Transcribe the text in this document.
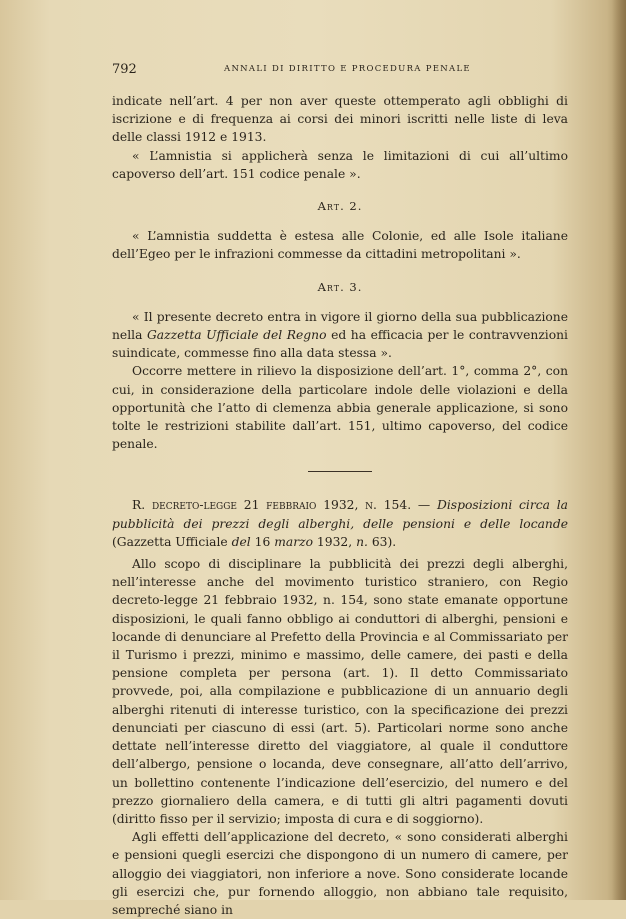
792	ANNALI DI DIRITTO E PROCEDURA PENALE

indicate nell’art. 4 per non aver queste ottemperato agli obblighi di iscrizione e di frequenza ai corsi dei minori iscritti nelle liste di leva delle classi 1912 e 1913.

« L’amnistia si applicherà senza le limitazioni di cui all’ultimo capoverso dell’art. 151 codice penale ».

Art. 2.

« L’amnistia suddetta è estesa alle Colonie, ed alle Isole italiane dell’Egeo per le infrazioni commesse da cittadini metropolitani ».

Art. 3.

« Il presente decreto entra in vigore il giorno della sua pubblicazione nella Gazzetta Ufficiale del Regno ed ha efficacia per le contravvenzioni suindicate, commesse fino alla data stessa ».

Occorre mettere in rilievo la disposizione dell’art. 1°, comma 2°, con cui, in considerazione della particolare indole delle violazioni e della opportunità che l’atto di clemenza abbia generale applicazione, si sono tolte le restrizioni stabilite dall’art. 151, ultimo capoverso, del codice penale.

R. decreto-legge 21 febbraio 1932, n. 154. — Disposizioni circa la pubblicità dei prezzi degli alberghi, delle pensioni e delle locande (Gazzetta Ufficiale del 16 marzo 1932, n. 63).

Allo scopo di disciplinare la pubblicità dei prezzi degli alberghi, nell’interesse anche del movimento turistico straniero, con Regio decreto-legge 21 febbraio 1932, n. 154, sono state emanate opportune disposizioni, le quali fanno obbligo ai conduttori di alberghi, pensioni e locande di denunciare al Prefetto della Provincia e al Commissariato per il Turismo i prezzi, minimo e massimo, delle camere, dei pasti e della pensione completa per persona (art. 1). Il detto Commissariato provvede, poi, alla compilazione e pubblicazione di un annuario degli alberghi ritenuti di interesse turistico, con la specificazione dei prezzi denunciati per ciascuno di essi (art. 5). Particolari norme sono anche dettate nell’interesse diretto del viaggiatore, al quale il conduttore dell’albergo, pensione o locanda, deve consegnare, all’atto dell’arrivo, un bollettino contenente l’indicazione dell’esercizio, del numero e del prezzo giornaliero della camera, e di tutti gli altri pagamenti dovuti (diritto fisso per il servizio; imposta di cura e di soggiorno).

Agli effetti dell’applicazione del decreto, « sono considerati alberghi e pensioni quegli esercizi che dispongono di un numero di camere, per alloggio dei viaggiatori, non inferiore a nove. Sono considerate locande gli esercizi che, pur fornendo alloggio, non abbiano tale requisito, sempreché siano in
